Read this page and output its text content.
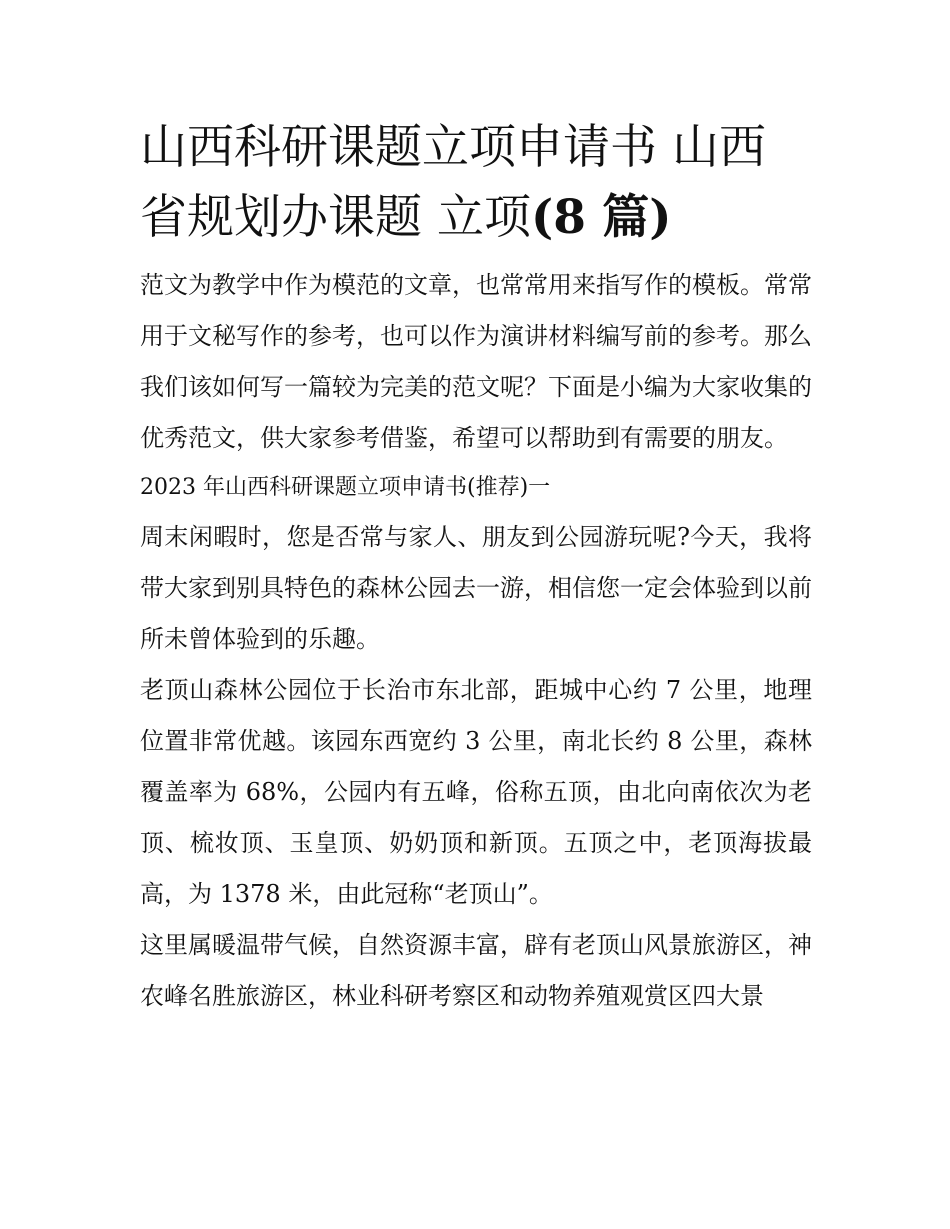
山西科研课题立项申请书 山西省规划办课题 立项(8 篇)

范文为教学中作为模范的文章，也常常用来指写作的模板。常常用于文秘写作的参考，也可以作为演讲材料编写前的参考。那么我们该如何写一篇较为完美的范文呢？下面是小编为大家收集的优秀范文，供大家参考借鉴，希望可以帮助到有需要的朋友。

2023 年山西科研课题立项申请书(推荐)一

周末闲暇时，您是否常与家人、朋友到公园游玩呢?今天，我将带大家到别具特色的森林公园去一游，相信您一定会体验到以前所未曾体验到的乐趣。

老顶山森林公园位于长治市东北部，距城中心约 7 公里，地理位置非常优越。该园东西宽约 3 公里，南北长约 8 公里，森林覆盖率为 68%，公园内有五峰，俗称五顶，由北向南依次为老顶、梳妆顶、玉皇顶、奶奶顶和新顶。五顶之中，老顶海拔最高，为 1378 米，由此冠称“老顶山”。

这里属暖温带气候，自然资源丰富，辟有老顶山风景旅游区，神农峰名胜旅游区，林业科研考察区和动物养殖观赏区四大景
